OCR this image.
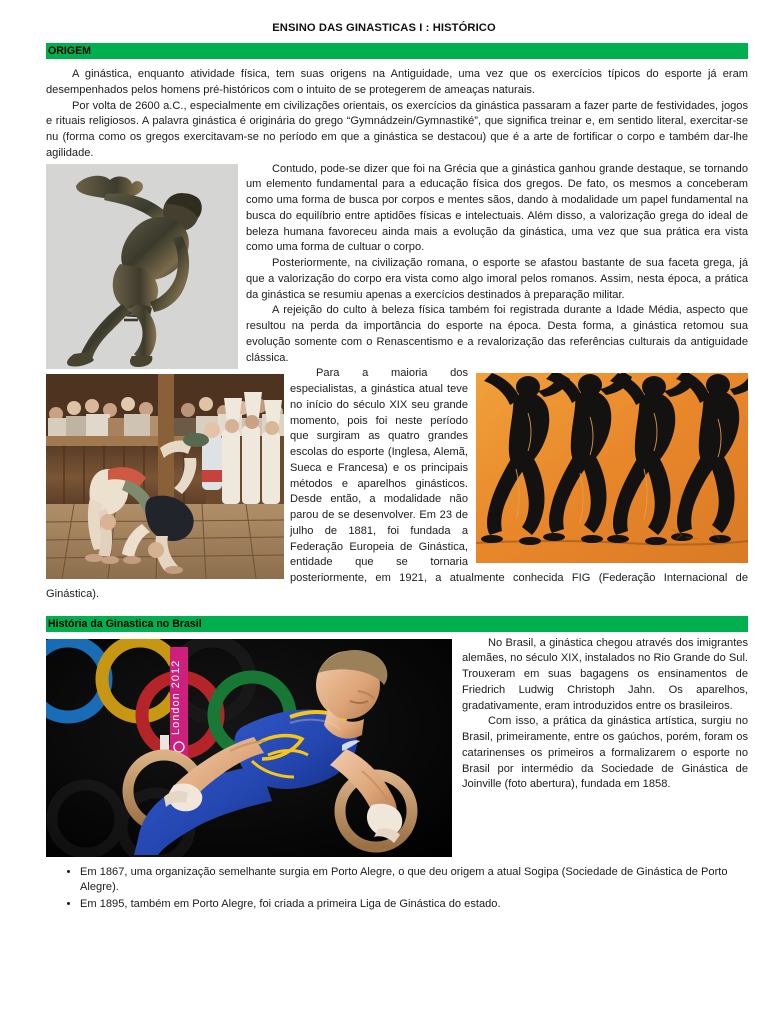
ENSINO DAS GINASTICAS I : HISTÓRICO
ORIGEM

A ginástica, enquanto atividade física, tem suas origens na Antiguidade, uma vez que os exercícios típicos do esporte já eram desempenhados pelos homens pré-históricos com o intuito de se protegerem de ameaças naturais.

Por volta de 2600 a.C., especialmente em civilizações orientais, os exercícios da ginástica passaram a fazer parte de festividades, jogos e rituais religiosos. A palavra ginástica é originária do grego “Gymnádzein/Gymnastiké”, que significa treinar e, em sentido literal, exercitar-se nu (forma como os gregos exercitavam-se no período em que a ginástica se destacou) que é a arte de fortificar o corpo e também dar-lhe agilidade.

Contudo, pode-se dizer que foi na Grécia que a ginástica ganhou grande destaque, se tornando um elemento fundamental para a educação física dos gregos. De fato, os mesmos a conceberam como uma forma de busca por corpos e mentes sãos, dando à modalidade um papel fundamental na busca do equilíbrio entre aptidões físicas e intelectuais. Além disso, a valorização grega do ideal de beleza humana favoreceu ainda mais a evolução da ginástica, uma vez que sua prática era vista como uma forma de cultuar o corpo.

Posteriormente, na civilização romana, o esporte se afastou bastante de sua faceta grega, já que a valorização do corpo era vista como algo imoral pelos romanos. Assim, nesta época, a prática da ginástica se resumiu apenas a exercícios destinados à preparação militar.

A rejeição do culto à beleza física também foi registrada durante a Idade Média, aspecto que resultou na perda da importância do esporte na época. Desta forma, a ginástica retomou sua evolução somente com o Renascentismo e a revalorização das referências culturais da antiguidade clássica.

Para a maioria dos especialistas, a ginástica atual teve no início do século XIX seu grande momento, pois foi neste período que surgiram as quatro grandes escolas do esporte (Inglesa, Alemã, Sueca e Francesa) e os principais métodos e aparelhos ginásticos. Desde então, a modalidade não parou de se desenvolver. Em 23 de julho de 1881, foi fundada a Federação Europeia de Ginástica, entidade que se tornaria posteriormente, em 1921, a atualmente conhecida FIG (Federação Internacional de Ginástica).

História da Ginastica no Brasil
London 2012

No Brasil, a ginástica chegou através dos imigrantes alemães, no século XIX, instalados no Rio Grande do Sul. Trouxeram em suas bagagens os ensinamentos de Friedrich Ludwig Christoph Jahn. Os aparelhos, gradativamente, eram introduzidos entre os brasileiros.

Com isso, a prática da ginástica artística, surgiu no Brasil, primeiramente, entre os gaúchos, porém, foram os catarinenses os primeiros a formalizarem o esporte no Brasil por intermédio da Sociedade de Ginástica de Joinville (foto abertura), fundada em 1858.

• Em 1867, uma organização semelhante surgia em Porto Alegre, o que deu origem a atual Sogipa (Sociedade de Ginástica de Porto Alegre).
• Em 1895, também em Porto Alegre, foi criada a primeira Liga de Ginástica do estado.
